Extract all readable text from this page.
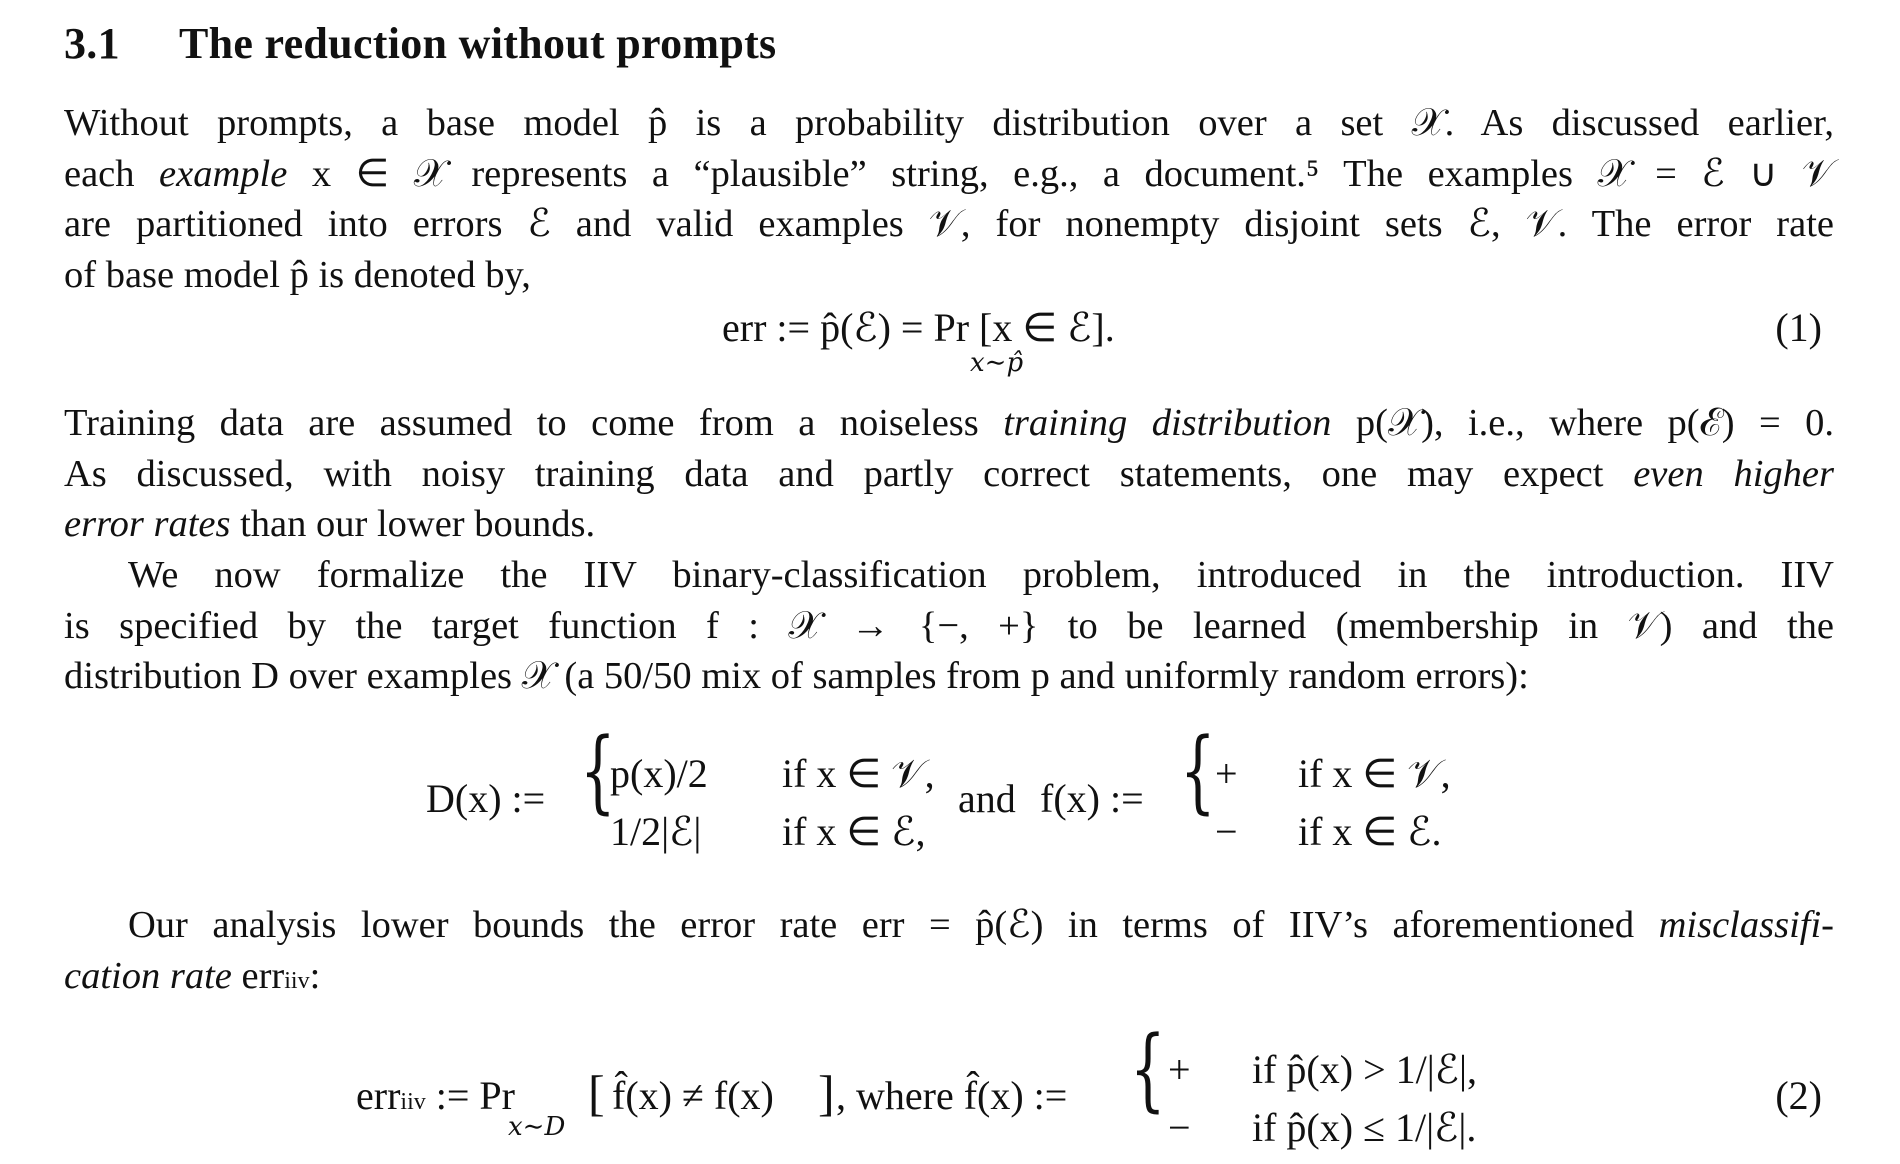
3.1 The reduction without prompts
Without prompts, a base model p̂ is a probability distribution over a set 𝒳. As discussed earlier,
each example x ∈ 𝒳 represents a “plausible” string, e.g., a document.⁵ The examples 𝒳 = ℰ ∪ 𝒱
are partitioned into errors ℰ and valid examples 𝒱, for nonempty disjoint sets ℰ, 𝒱. The error rate
of base model p̂ is denoted by,
err := p̂(ℰ) = Pr [x ∈ ℰ].
x∼p̂
(1)
Training data are assumed to come from a noiseless training distribution p(𝒳), i.e., where p(ℰ) = 0.
As discussed, with noisy training data and partly correct statements, one may expect even higher
error rates than our lower bounds.
We now formalize the IIV binary-classification problem, introduced in the introduction. IIV
is specified by the target function f : 𝒳 → {−, +} to be learned (membership in 𝒱) and the
distribution D over examples 𝒳 (a 50/50 mix of samples from p and uniformly random errors):
D(x) := {
p(x)/2 if x ∈ 𝒱,
1/2|ℰ| if x ∈ ℰ,
and f(x) := { + if x ∈ 𝒱,
− if x ∈ ℰ.
Our analysis lower bounds the error rate err = p̂(ℰ) in terms of IIV’s aforementioned misclassifi-
cation rate erriiv:
erriiv := Pr
x∼D
[ f̂(x) ≠ f(x) ] , where f̂(x) := { + if p̂(x) > 1/|ℰ|,
− if p̂(x) ≤ 1/|ℰ|.
(2)
